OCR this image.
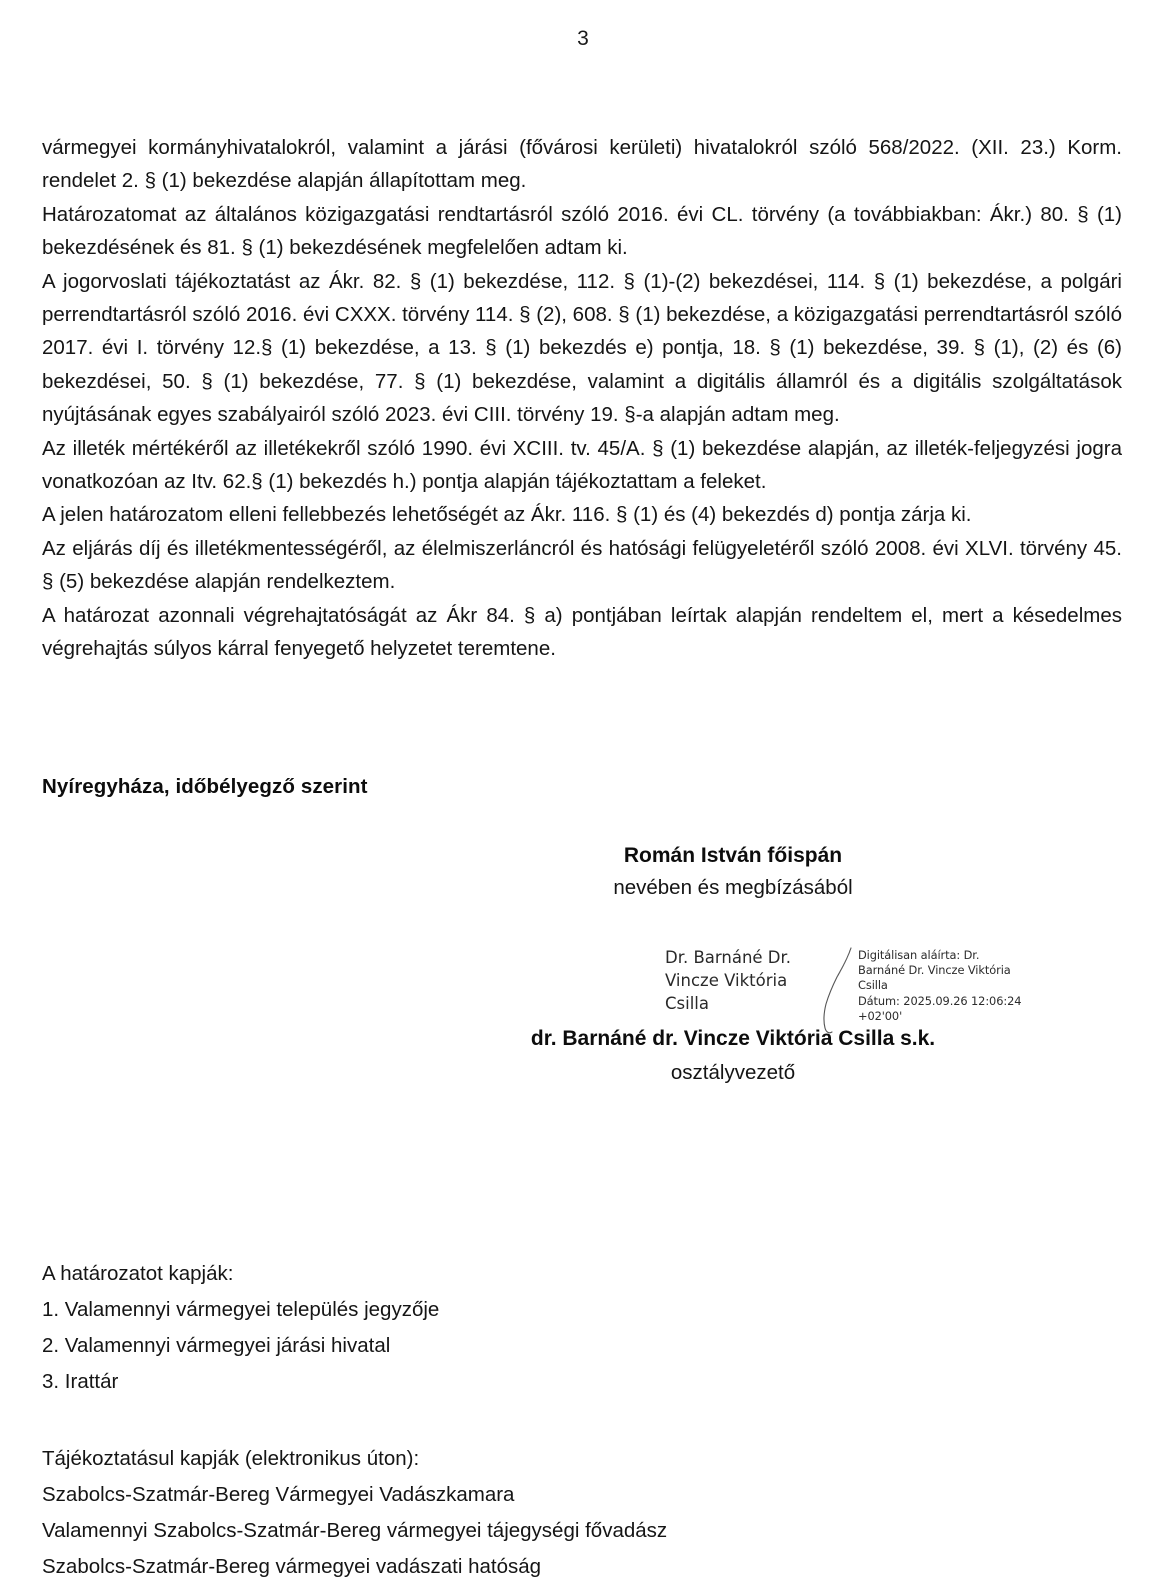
3

vármegyei kormányhivatalokról, valamint a járási (fővárosi kerületi) hivatalokról szóló 568/2022. (XII. 23.) Korm. rendelet 2. § (1) bekezdése alapján állapítottam meg.

Határozatomat az általános közigazgatási rendtartásról szóló 2016. évi CL. törvény (a továbbiakban: Ákr.) 80. § (1) bekezdésének és 81. § (1) bekezdésének megfelelően adtam ki.

A jogorvoslati tájékoztatást az Ákr. 82. § (1) bekezdése, 112. § (1)-(2) bekezdései, 114. § (1) bekezdése, a polgári perrendtartásról szóló 2016. évi CXXX. törvény 114. § (2), 608. § (1) bekezdése, a közigazgatási perrendtartásról szóló 2017. évi I. törvény 12.§ (1) bekezdése, a 13. § (1) bekezdés e) pontja, 18. § (1) bekezdése, 39. § (1), (2) és (6) bekezdései, 50. § (1) bekezdése, 77. § (1) bekezdése, valamint a digitális államról és a digitális szolgáltatások nyújtásának egyes szabályairól szóló 2023. évi CIII. törvény 19. §-a alapján adtam meg.

Az illeték mértékéről az illetékekről szóló 1990. évi XCIII. tv. 45/A. § (1) bekezdése alapján, az illeték-feljegyzési jogra vonatkozóan az Itv. 62.§ (1) bekezdés h.) pontja alapján tájékoztattam a feleket.

A jelen határozatom elleni fellebbezés lehetőségét az Ákr. 116. § (1) és (4) bekezdés d) pontja zárja ki.

Az eljárás díj és illetékmentességéről, az élelmiszerláncról és hatósági felügyeletéről szóló 2008. évi XLVI. törvény 45. § (5) bekezdése alapján rendelkeztem.

A határozat azonnali végrehajtatóságát az Ákr 84. § a) pontjában leírtak alapján rendeltem el, mert a késedelmes végrehajtás súlyos kárral fenyegető helyzetet teremtene.

Nyíregyháza, időbélyegző szerint
Román István főispán
nevében és megbízásából
Dr. Barnáné Dr.
Vincze Viktória
Csilla
Digitálisan aláírta: Dr.
Barnáné Dr. Vincze Viktória
Csilla
Dátum: 2025.09.26 12:06:24
+02'00'
dr. Barnáné dr. Vincze Viktória Csilla s.k.
osztályvezető
A határozatot kapják:
1. Valamennyi vármegyei település jegyzője
2. Valamennyi vármegyei járási hivatal
3. Irattár
Tájékoztatásul kapják (elektronikus úton):
Szabolcs-Szatmár-Bereg Vármegyei Vadászkamara
Valamennyi Szabolcs-Szatmár-Bereg vármegyei tájegységi fővadász
Szabolcs-Szatmár-Bereg vármegyei vadászati hatóság
